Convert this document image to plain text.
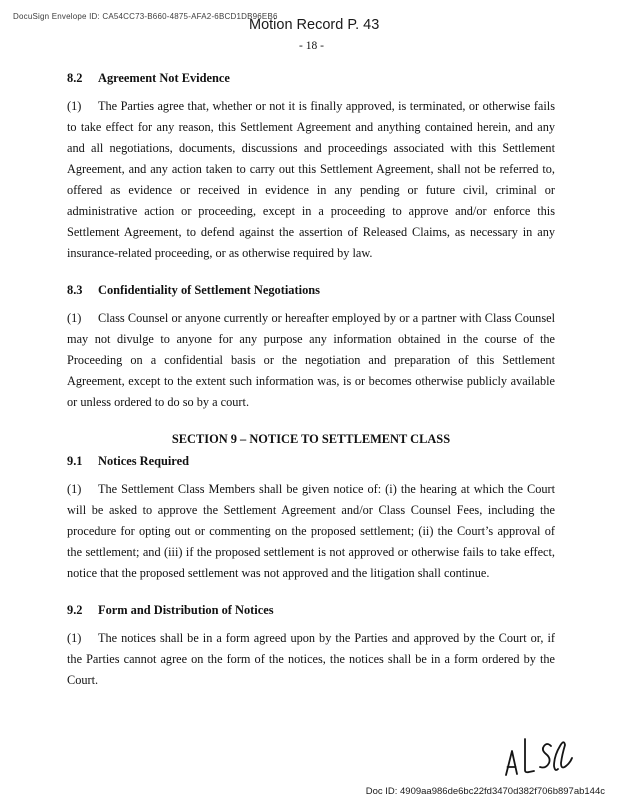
DocuSign Envelope ID: CA54CC73-B660-4875-AFA2-6BCD1DB96EB6
Motion Record P. 43
- 18 -
8.2 Agreement Not Evidence

(1) The Parties agree that, whether or not it is finally approved, is terminated, or otherwise fails to take effect for any reason, this Settlement Agreement and anything contained herein, and any and all negotiations, documents, discussions and proceedings associated with this Settlement Agreement, and any action taken to carry out this Settlement Agreement, shall not be referred to, offered as evidence or received in evidence in any pending or future civil, criminal or administrative action or proceeding, except in a proceeding to approve and/or enforce this Settlement Agreement, to defend against the assertion of Released Claims, as necessary in any insurance-related proceeding, or as otherwise required by law.

8.3 Confidentiality of Settlement Negotiations

(1) Class Counsel or anyone currently or hereafter employed by or a partner with Class Counsel may not divulge to anyone for any purpose any information obtained in the course of the Proceeding on a confidential basis or the negotiation and preparation of this Settlement Agreement, except to the extent such information was, is or becomes otherwise publicly available or unless ordered to do so by a court.

SECTION 9 – NOTICE TO SETTLEMENT CLASS
9.1 Notices Required

(1) The Settlement Class Members shall be given notice of: (i) the hearing at which the Court will be asked to approve the Settlement Agreement and/or Class Counsel Fees, including the procedure for opting out or commenting on the proposed settlement; (ii) the Court’s approval of the settlement; and (iii) if the proposed settlement is not approved or otherwise fails to take effect, notice that the proposed settlement was not approved and the litigation shall continue.

9.2 Form and Distribution of Notices

(1) The notices shall be in a form agreed upon by the Parties and approved by the Court or, if the Parties cannot agree on the form of the notices, the notices shall be in a form ordered by the Court.

Doc ID: 4909aa986de6bc22fd3470d382f706b897ab144c
